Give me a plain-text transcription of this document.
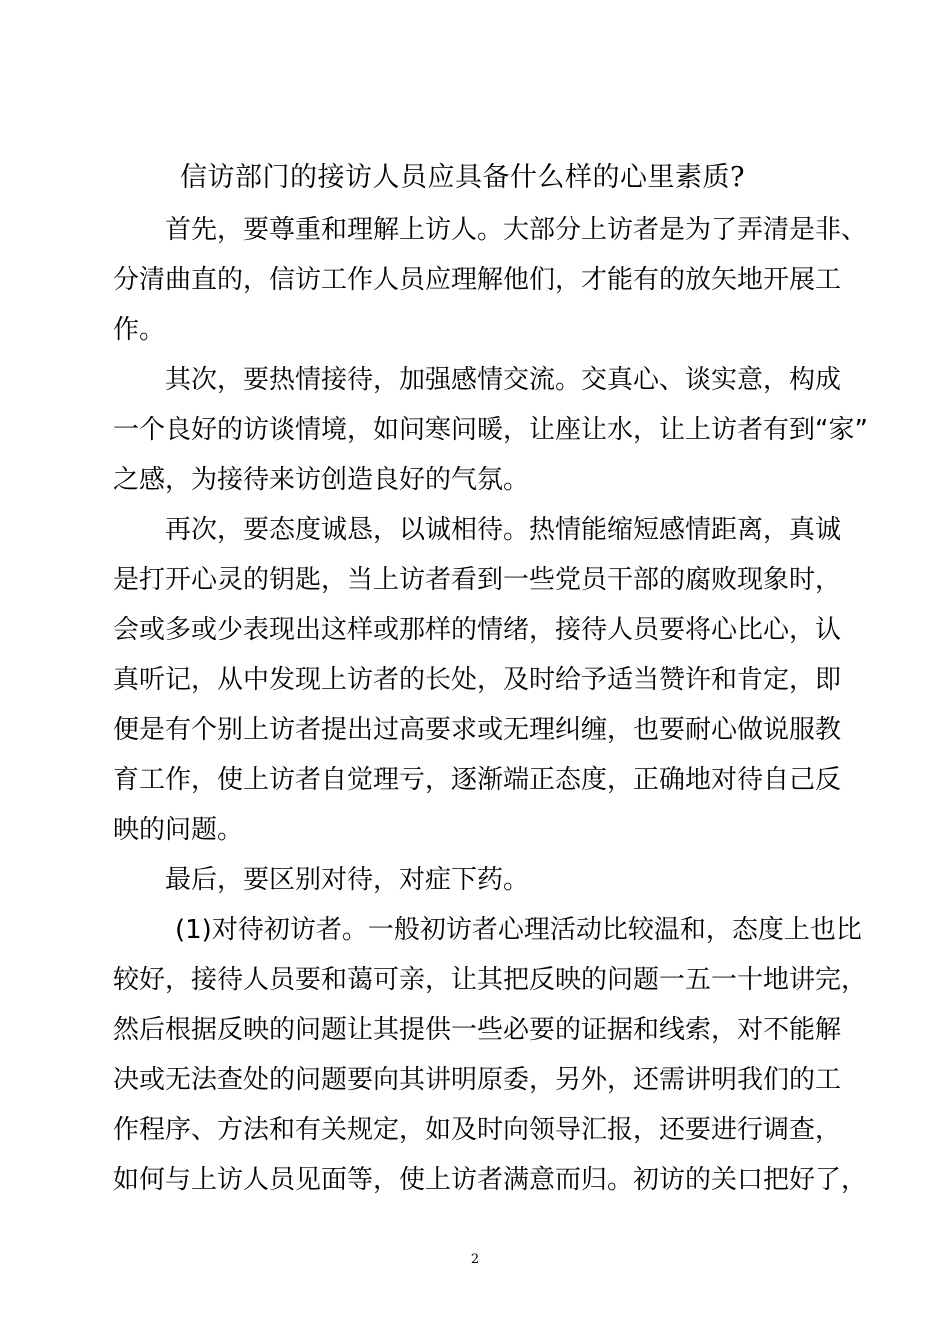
信访部门的接访人员应具备什么样的心里素质?
首先，要尊重和理解上访人。大部分上访者是为了弄清是非、
分清曲直的，信访工作人员应理解他们，才能有的放矢地开展工
作。
其次，要热情接待，加强感情交流。交真心、谈实意，构成
一个良好的访谈情境，如问寒问暖，让座让水，让上访者有到“家”
之感，为接待来访创造良好的气氛。
再次，要态度诚恳，以诚相待。热情能缩短感情距离，真诚
是打开心灵的钥匙，当上访者看到一些党员干部的腐败现象时，
会或多或少表现出这样或那样的情绪，接待人员要将心比心，认
真听记，从中发现上访者的长处，及时给予适当赞许和肯定，即
便是有个别上访者提出过高要求或无理纠缠，也要耐心做说服教
育工作，使上访者自觉理亏，逐渐端正态度，正确地对待自己反
映的问题。
最后，要区别对待，对症下药。
(1)对待初访者。一般初访者心理活动比较温和，态度上也比
较好，接待人员要和蔼可亲，让其把反映的问题一五一十地讲完，
然后根据反映的问题让其提供一些必要的证据和线索，对不能解
决或无法查处的问题要向其讲明原委，另外，还需讲明我们的工
作程序、方法和有关规定，如及时向领导汇报，还要进行调查，
如何与上访人员见面等，使上访者满意而归。初访的关口把好了，
2
